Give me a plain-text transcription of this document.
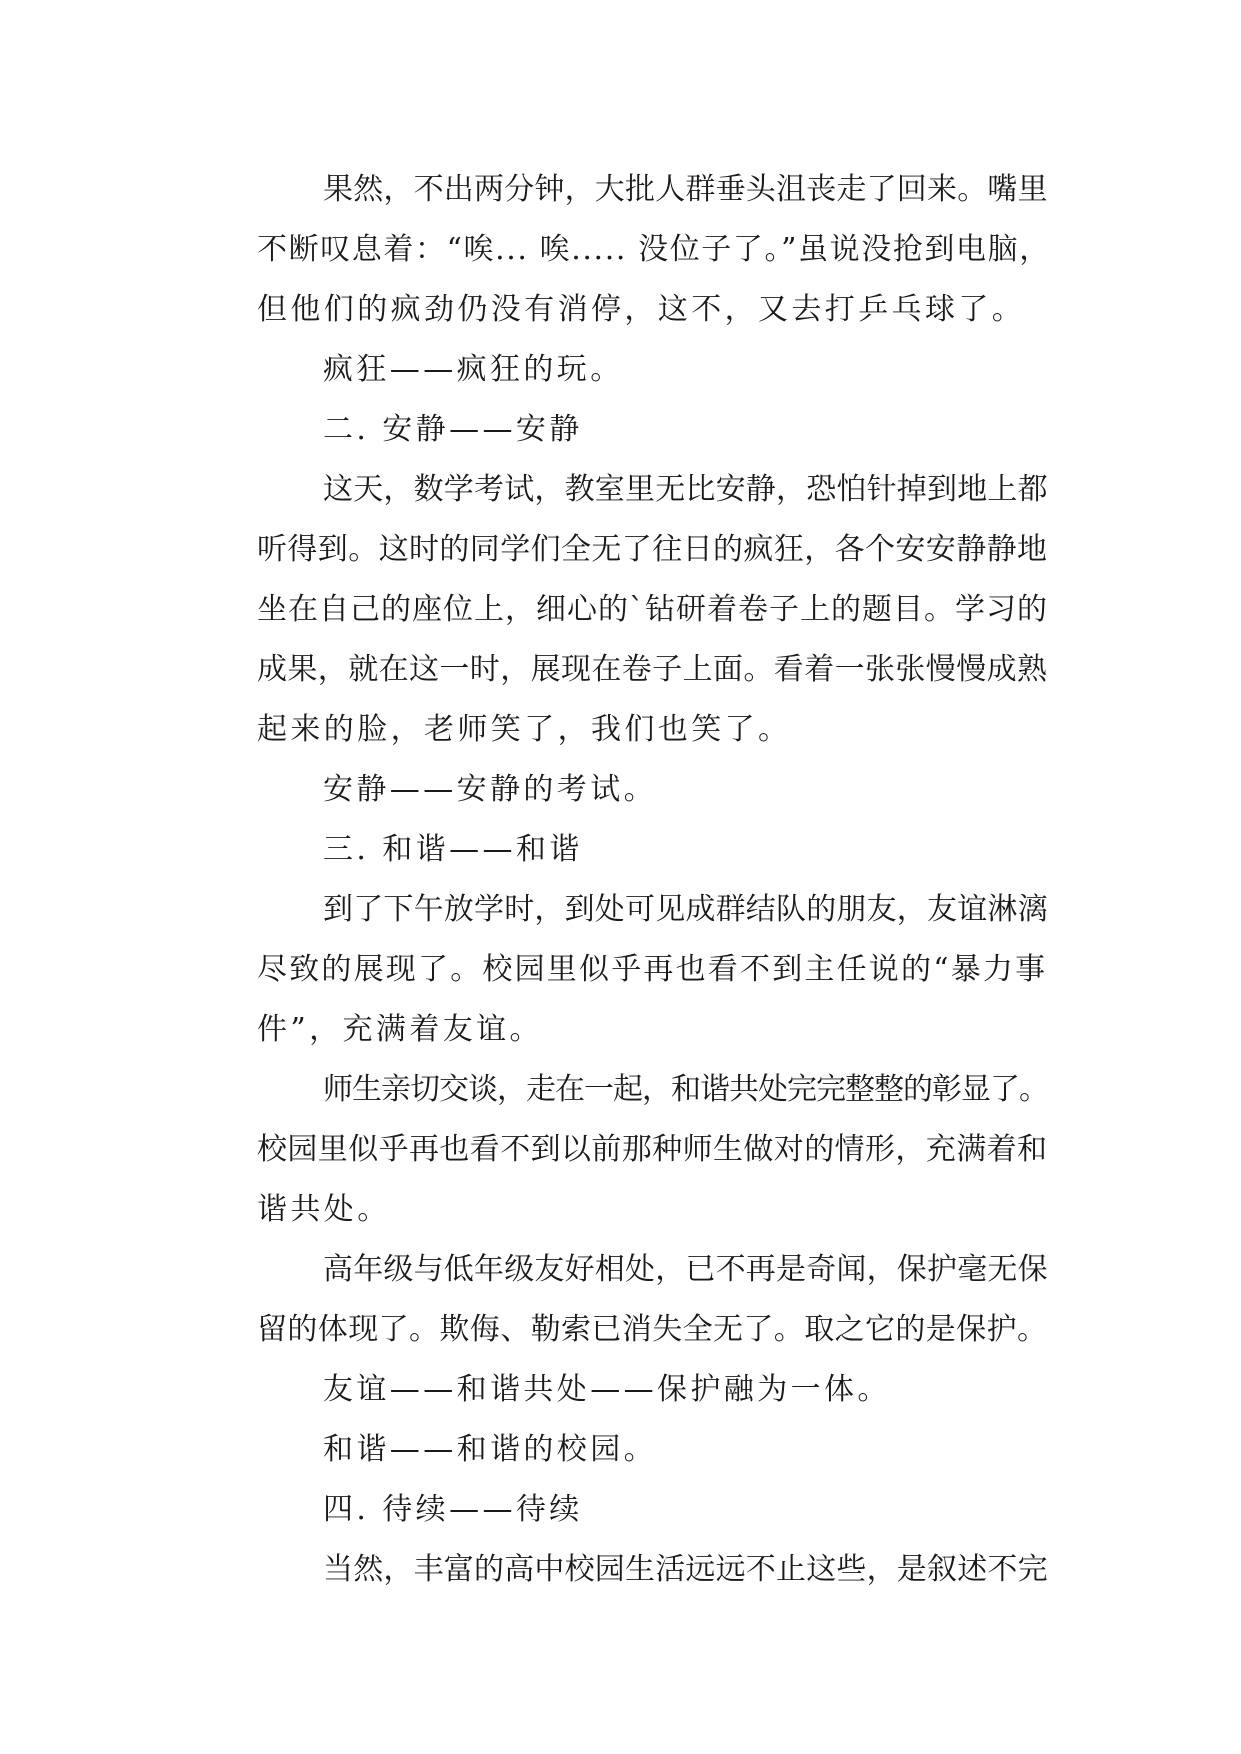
果然，不出两分钟，大批人群垂头沮丧走了回来。嘴里
不断叹息着：“唉... 唉..... 没位子了。”虽说没抢到电脑，
但他们的疯劲仍没有消停，这不，又去打乒乓球了。

疯狂——疯狂的玩。

二. 安静——安静

这天，数学考试，教室里无比安静，恐怕针掉到地上都
听得到。这时的同学们全无了往日的疯狂，各个安安静静地
坐在自己的座位上，细心的`钻研着卷子上的题目。学习的
成果，就在这一时，展现在卷子上面。看着一张张慢慢成熟
起来的脸，老师笑了，我们也笑了。

安静——安静的考试。

三. 和谐——和谐

到了下午放学时，到处可见成群结队的朋友，友谊淋漓
尽致的展现了。校园里似乎再也看不到主任说的“暴力事
件”，充满着友谊。

师生亲切交谈，走在一起，和谐共处完完整整的彰显了。
校园里似乎再也看不到以前那种师生做对的情形，充满着和
谐共处。

高年级与低年级友好相处，已不再是奇闻，保护毫无保
留的体现了。欺侮、勒索已消失全无了。取之它的是保护。

友谊——和谐共处——保护融为一体。

和谐——和谐的校园。

四. 待续——待续

当然，丰富的高中校园生活远远不止这些，是叙述不完
